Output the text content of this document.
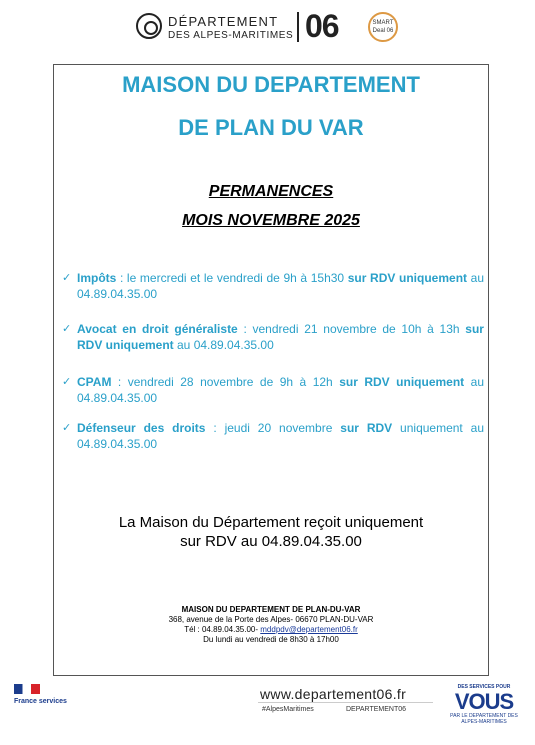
DÉPARTEMENT
DES ALPES-MARITIMES 06	SMART Deal 06
MAISON DU DEPARTEMENT
DE PLAN DU VAR
PERMANENCES
MOIS NOVEMBRE 2025
✓ Impôts : le mercredi et le vendredi de 9h à 15h30 sur RDV uniquement au 04.89.04.35.00
✓ Avocat en droit généraliste : vendredi 21 novembre de 10h à 13h sur RDV uniquement au 04.89.04.35.00
✓ CPAM : vendredi 28 novembre de 9h à 12h sur RDV uniquement au 04.89.04.35.00
✓ Défenseur des droits : jeudi 20 novembre sur RDV uniquement au 04.89.04.35.00
La Maison du Département reçoit uniquement
sur RDV au 04.89.04.35.00
MAISON DU DEPARTEMENT DE PLAN-DU-VAR
368, avenue de la Porte des Alpes- 06670 PLAN-DU-VAR
Tél : 04.89.04.35.00- mddpdv@departement06.fr
Du lundi au vendredi de 8h30 à 17h00
France services	www.departement06.fr
#AlpesMaritimes	DEPARTEMENT06
DES SERVICES POUR
VOUS
PAR LE DEPARTEMENT DES ALPES-MARITIMES
